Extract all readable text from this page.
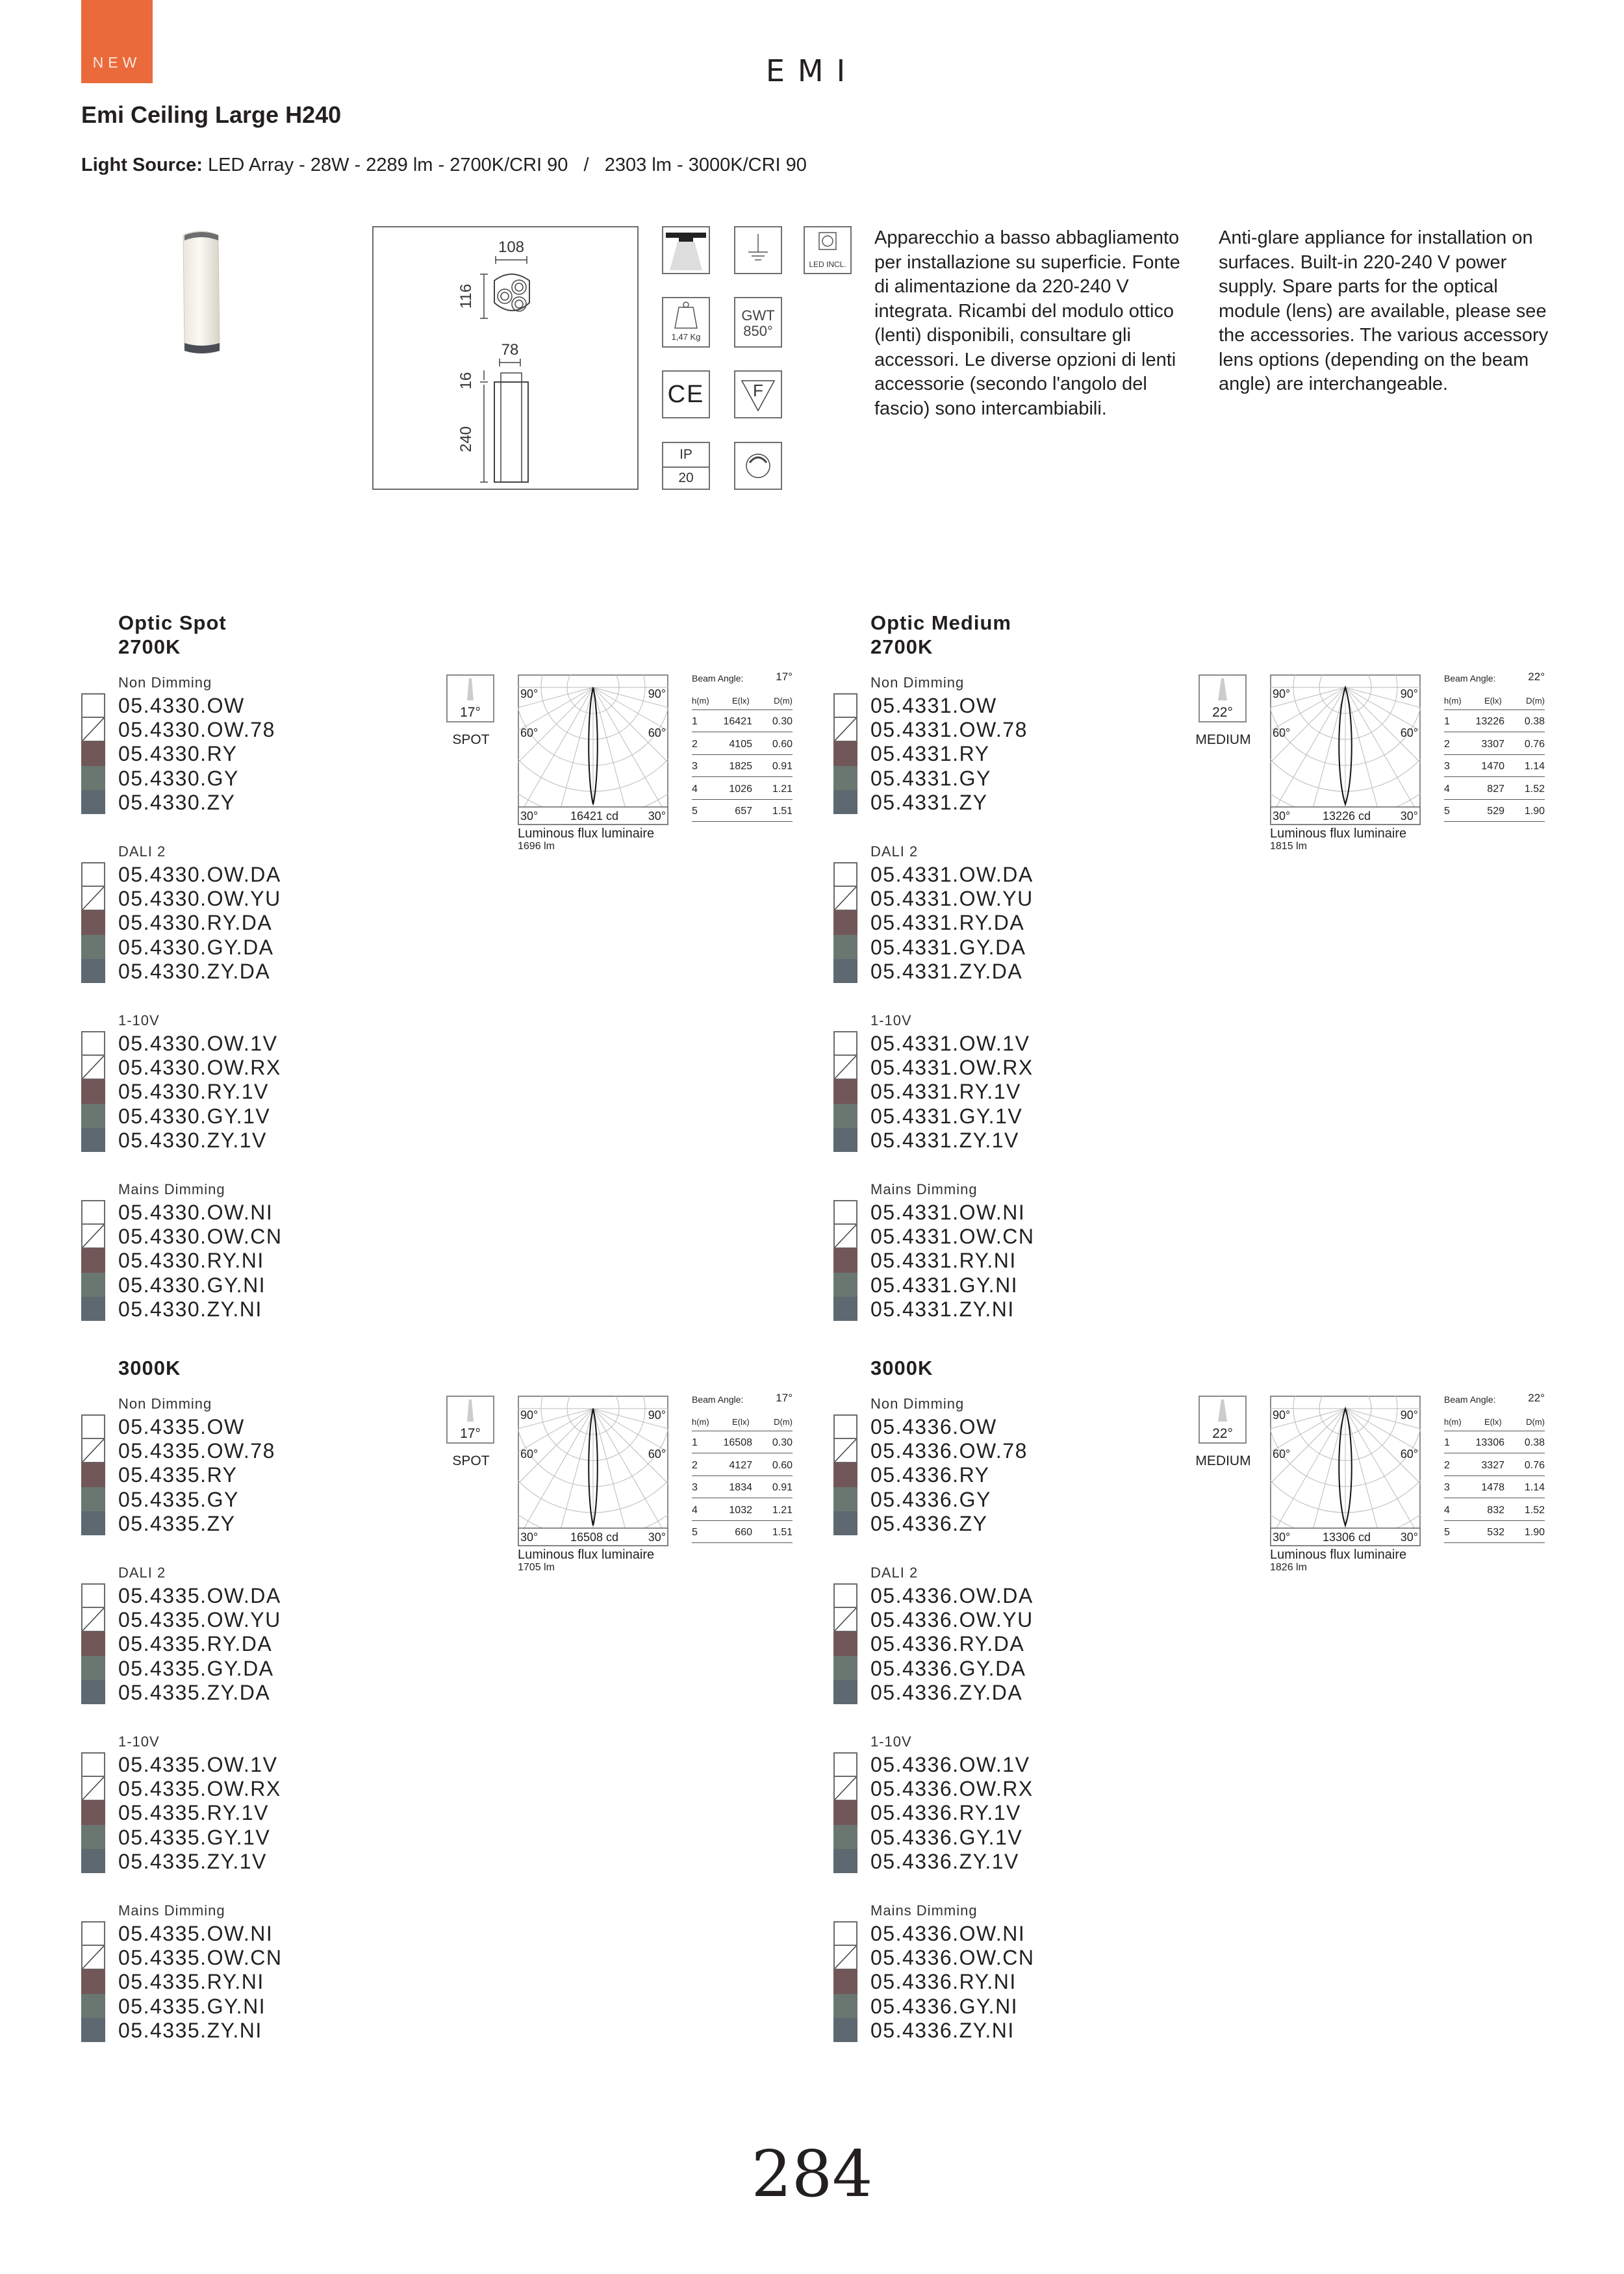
NEW	EMI
Emi Ceiling Large H240
Light Source: LED Array - 28W - 2289 lm - 2700K/CRI 90   /   2303 lm - 3000K/CRI 90
108
116
78
16
240
LED INCL.
1,47 Kg
GWT
850°
CE	F
IP
20
Apparecchio a basso abbagliamento per installazione su superficie. Fonte di alimentazione da 220-240 V integrata. Ricambi del modulo ottico (lenti) disponibili, consultare gli accessori. Le diverse opzioni di lenti accessorie (secondo l'angolo del fascio) sono intercambiabili.
Anti-glare appliance for installation on surfaces. Built-in 220-240 V power supply. Spare parts for the optical module (lens) are available, please see the accessories. The various accessory lens options (depending on the beam angle) are interchangeable.
Optic Spot
2700K
Non Dimming
05.4330.OW
05.4330.OW.78
05.4330.RY
05.4330.GY
05.4330.ZY
DALI 2
05.4330.OW.DA
05.4330.OW.YU
05.4330.RY.DA
05.4330.GY.DA
05.4330.ZY.DA
1-10V
05.4330.OW.1V
05.4330.OW.RX
05.4330.RY.1V
05.4330.GY.1V
05.4330.ZY.1V
Mains Dimming
05.4330.OW.NI
05.4330.OW.CN
05.4330.RY.NI
05.4330.GY.NI
05.4330.ZY.NI
17°
SPOT
90°	90°
60°	60°
30°	30°
16421 cd
Luminous flux luminaire
1696 lm
Beam Angle:	17°
h(m)	E(lx)	D(m)
1 16421 0.30
2	4105 0.60
3	1825 0.91
4	1026 1.21
5	657 1.51
Optic Medium
2700K
Non Dimming
05.4331.OW
05.4331.OW.78
05.4331.RY
05.4331.GY
05.4331.ZY
DALI 2
05.4331.OW.DA
05.4331.OW.YU
05.4331.RY.DA
05.4331.GY.DA
05.4331.ZY.DA
1-10V
05.4331.OW.1V
05.4331.OW.RX
05.4331.RY.1V
05.4331.GY.1V
05.4331.ZY.1V
Mains Dimming
05.4331.OW.NI
05.4331.OW.CN
05.4331.RY.NI
05.4331.GY.NI
05.4331.ZY.NI
22°
MEDIUM
90°	90°
60°	60°
30°	30°
13226 cd
Luminous flux luminaire
1815 lm
Beam Angle:	22°
h(m)	E(lx)	D(m)
1 13226 0.38
2	3307 0.76
3	1470 1.14
4	827 1.52
5	529 1.90
3000K
Non Dimming
05.4335.OW
05.4335.OW.78
05.4335.RY
05.4335.GY
05.4335.ZY
DALI 2
05.4335.OW.DA
05.4335.OW.YU
05.4335.RY.DA
05.4335.GY.DA
05.4335.ZY.DA
1-10V
05.4335.OW.1V
05.4335.OW.RX
05.4335.RY.1V
05.4335.GY.1V
05.4335.ZY.1V
Mains Dimming
05.4335.OW.NI
05.4335.OW.CN
05.4335.RY.NI
05.4335.GY.NI
05.4335.ZY.NI
17°
SPOT
90°	90°
60°	60°
30°	30°
16508 cd
Luminous flux luminaire
1705 lm
Beam Angle:	17°
h(m)	E(lx)	D(m)
1 16508 0.30
2	4127 0.60
3	1834 0.91
4	1032 1.21
5	660 1.51
3000K
Non Dimming
05.4336.OW
05.4336.OW.78
05.4336.RY
05.4336.GY
05.4336.ZY
DALI 2
05.4336.OW.DA
05.4336.OW.YU
05.4336.RY.DA
05.4336.GY.DA
05.4336.ZY.DA
1-10V
05.4336.OW.1V
05.4336.OW.RX
05.4336.RY.1V
05.4336.GY.1V
05.4336.ZY.1V
Mains Dimming
05.4336.OW.NI
05.4336.OW.CN
05.4336.RY.NI
05.4336.GY.NI
05.4336.ZY.NI
22°
MEDIUM
90°	90°
60°	60°
30°	30°
13306 cd
Luminous flux luminaire
1826 lm
Beam Angle:	22°
h(m)	E(lx)	D(m)
1 13306 0.38
2	3327 0.76
3	1478 1.14
4	832 1.52
5	532 1.90
284
